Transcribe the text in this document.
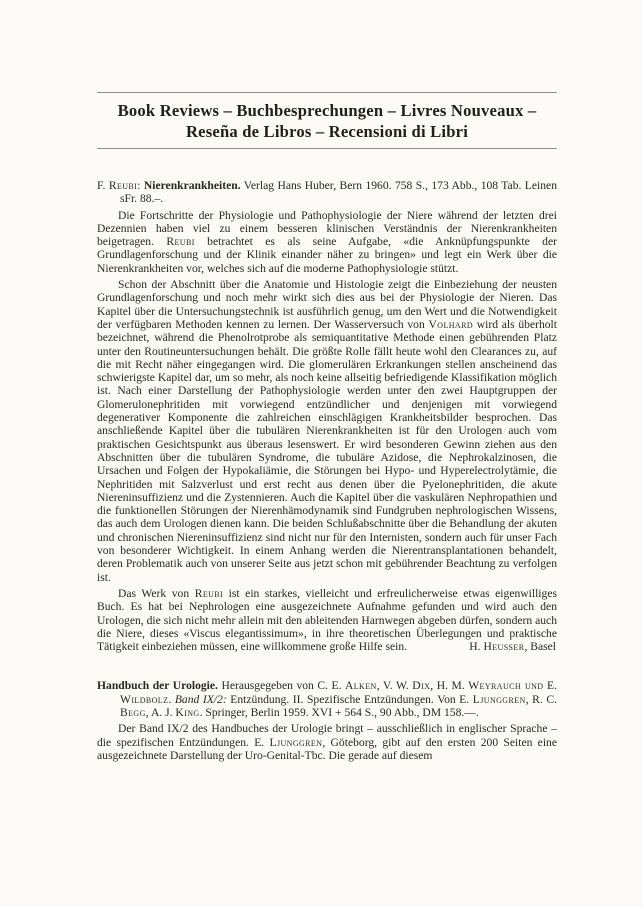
Book Reviews – Buchbesprechungen – Livres Nouveaux –
Reseña de Libros – Recensioni di Libri

F. Reubi: Nierenkrankheiten. Verlag Hans Huber, Bern 1960. 758 S., 173 Abb., 108 Tab. Leinen sFr. 88.–.

Die Fortschritte der Physiologie und Pathophysiologie der Niere während der letzten drei Dezennien haben viel zu einem besseren klinischen Verständnis der Nierenkrankheiten beigetragen. Reubi betrachtet es als seine Aufgabe, «die Anknüpfungspunkte der Grundlagenforschung und der Klinik einander näher zu bringen» und legt ein Werk über die Nierenkrankheiten vor, welches sich auf die moderne Pathophysiologie stützt.

Schon der Abschnitt über die Anatomie und Histologie zeigt die Einbeziehung der neusten Grundlagenforschung und noch mehr wirkt sich dies aus bei der Physiologie der Nieren. Das Kapitel über die Untersuchungstechnik ist ausführlich genug, um den Wert und die Notwendigkeit der verfügbaren Methoden kennen zu lernen. Der Wasserversuch von Volhard wird als überholt bezeichnet, während die Phenolrotprobe als semiquantitative Methode einen gebührenden Platz unter den Routineuntersuchungen behält. Die größte Rolle fällt heute wohl den Clearances zu, auf die mit Recht näher eingegangen wird. Die glomerulären Erkrankungen stellen anscheinend das schwierigste Kapitel dar, um so mehr, als noch keine allseitig befriedigende Klassifikation möglich ist. Nach einer Darstellung der Pathophysiologie werden unter den zwei Hauptgruppen der Glomerulonephritiden mit vorwiegend entzündlicher und denjenigen mit vorwiegend degenerativer Komponente die zahlreichen einschlägigen Krankheitsbilder besprochen. Das anschließende Kapitel über die tubulären Nierenkrankheiten ist für den Urologen auch vom praktischen Gesichtspunkt aus überaus lesenswert. Er wird besonderen Gewinn ziehen aus den Abschnitten über die tubulären Syndrome, die tubuläre Azidose, die Nephrokalzinosen, die Ursachen und Folgen der Hypokaliämie, die Störungen bei Hypo- und Hyperelectrolytämie, die Nephritiden mit Salzverlust und erst recht aus denen über die Pyelonephritiden, die akute Niereninsuffizienz und die Zystennieren. Auch die Kapitel über die vaskulären Nephropathien und die funktionellen Störungen der Nierenhämodynamik sind Fundgruben nephrologischen Wissens, das auch dem Urologen dienen kann. Die beiden Schlußabschnitte über die Behandlung der akuten und chronischen Niereninsuffizienz sind nicht nur für den Internisten, sondern auch für unser Fach von besonderer Wichtigkeit. In einem Anhang werden die Nierentransplantationen behandelt, deren Problematik auch von unserer Seite aus jetzt schon mit gebührender Beachtung zu verfolgen ist.

Das Werk von Reubi ist ein starkes, vielleicht und erfreulicherweise etwas eigenwilliges Buch. Es hat bei Nephrologen eine ausgezeichnete Aufnahme gefunden und wird auch den Urologen, die sich nicht mehr allein mit den ableitenden Harnwegen abgeben dürfen, sondern auch die Niere, dieses «Viscus elegantissimum», in ihre theoretischen Überlegungen und praktische Tätigkeit einbeziehen müssen, eine willkommene große Hilfe sein.	H. Heusser, Basel

Handbuch der Urologie. Herausgegeben von C. E. Alken, V. W. Dix, H. M. Weyrauch und E. Wildbolz. Band IX/2: Entzündung. II. Spezifische Entzündungen. Von E. Ljunggren, R. C. Begg, A. J. King. Springer, Berlin 1959. XVI + 564 S., 90 Abb., DM 158.—.

Der Band IX/2 des Handbuches der Urologie bringt – ausschließlich in englischer Sprache – die spezifischen Entzündungen. E. Ljunggren, Göteborg, gibt auf den ersten 200 Seiten eine ausgezeichnete Darstellung der Uro-Genital-Tbc. Die gerade auf diesem
